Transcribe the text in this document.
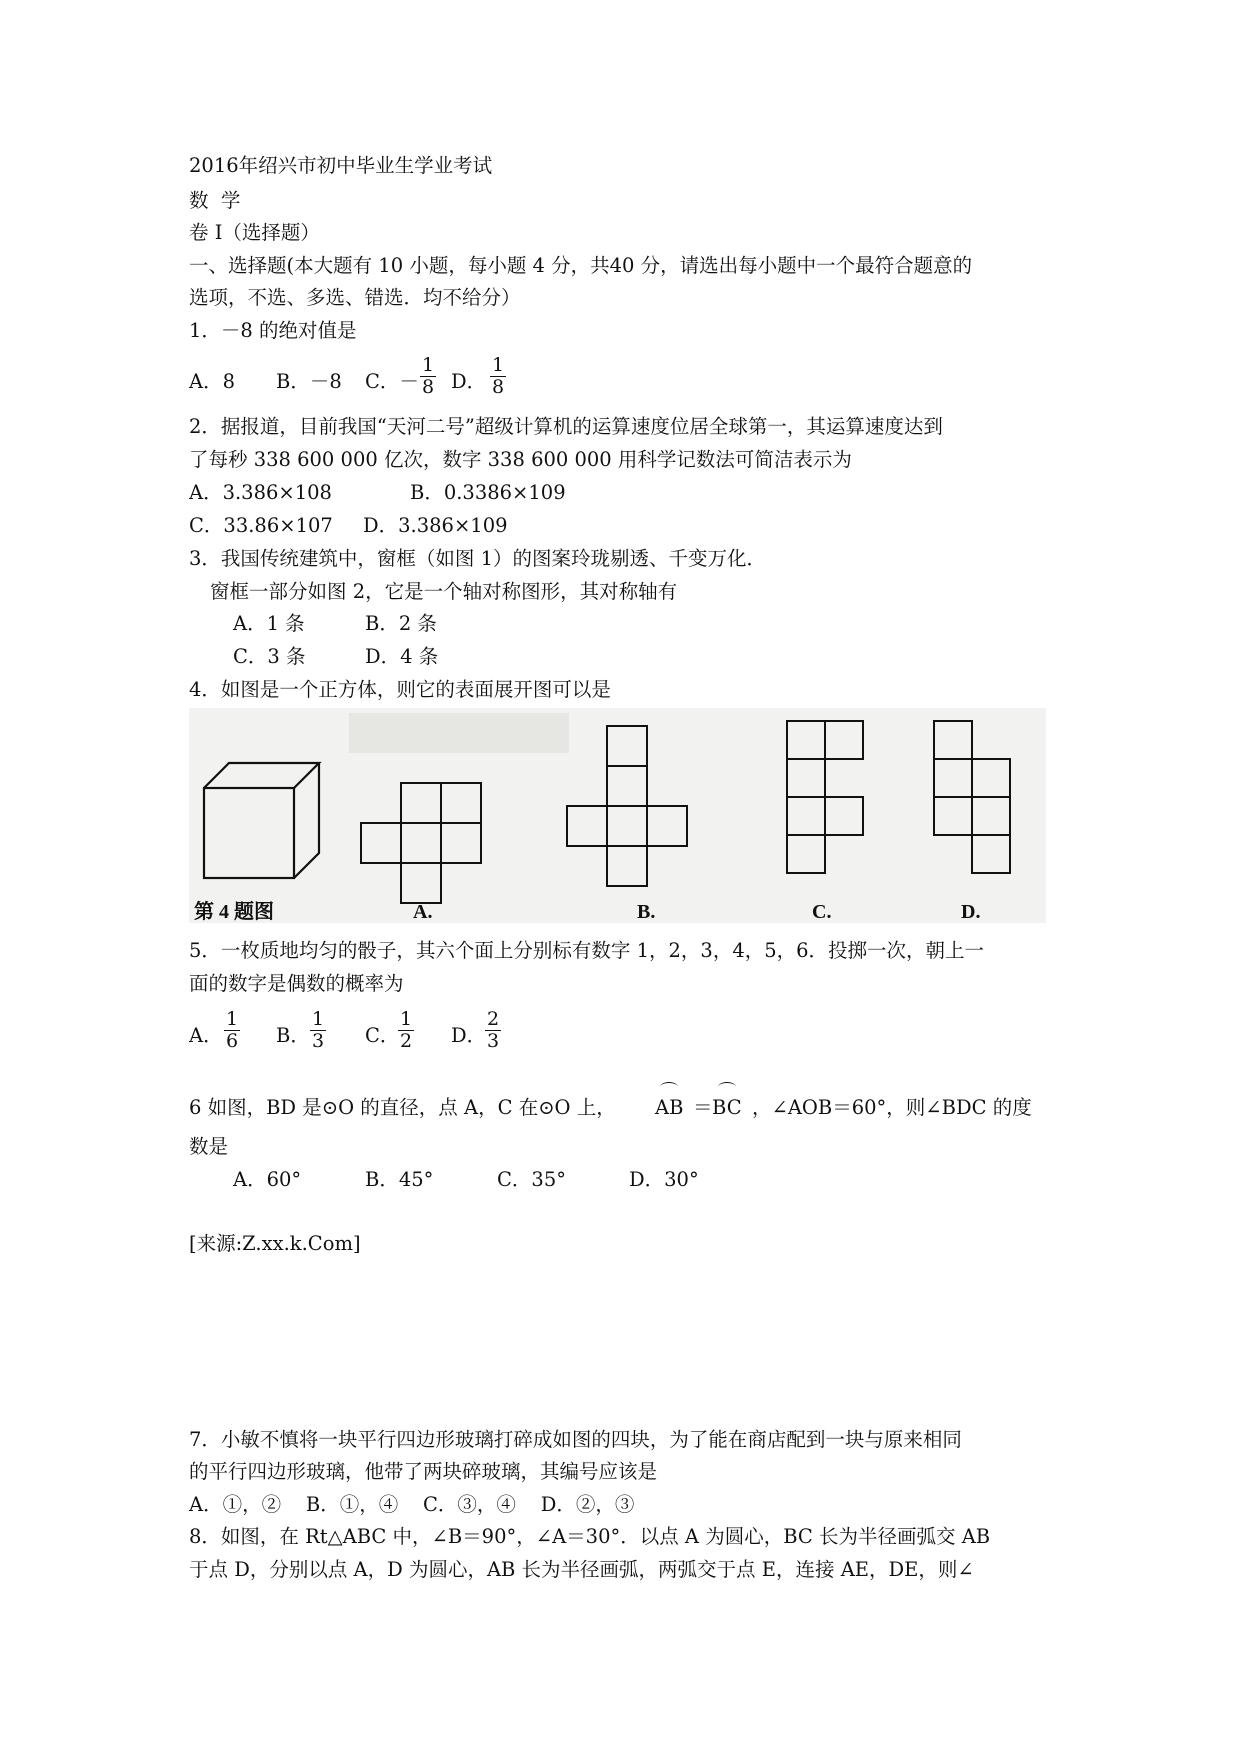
2016年绍兴市初中毕业生学业考试
数  学
卷 I（选择题）
一、选择题(本大题有 10 小题，每小题 4 分，共40 分，请选出每小题中一个最符合题意的
选项，不选、多选、错选．均不给分）
1．－8 的绝对值是
A．8 B．－8 C．－ $\frac{1}{8}$ D． $\frac{1}{8}$
2．据报道，目前我国“天河二号”超级计算机的运算速度位居全球第一，其运算速度达到
了每秒 338 600 000 亿次，数字 338 600 000 用科学记数法可简洁表示为
A．3.386×108	B．0.3386×109
C．33.86×107 D．3.386×109
3．我国传统建筑中，窗框（如图 1）的图案玲珑剔透、千变万化．
窗框一部分如图 2，它是一个轴对称图形，其对称轴有
A．1 条	B．2 条
C．3 条	D．4 条
4．如图是一个正方体，则它的表面展开图可以是
第 4 题图	A.	B.	C.	D.
5．一枚质地均匀的骰子，其六个面上分别标有数字 1，2，3，4，5，6．投掷一次，朝上一
面的数字是偶数的概率为
A． $\frac{1}{6}$ B． $\frac{1}{3}$ C．
$\frac{1}{2}$ D．
$\frac{2}{3}$
6 如图，BD 是⊙O 的直径，点 A，C 在⊙O 上， AB ＝ BC ，∠AOB＝60°，则∠BDC 的度
数是
A．60°	B．45°	C．35°	D．30°
[来源:Z.xx.k.Com]
7．小敏不慎将一块平行四边形玻璃打碎成如图的四块，为了能在商店配到一块与原来相同
的平行四边形玻璃，他带了两块碎玻璃，其编号应该是
A．①，②    B．①，④    C．③，④    D．②，③
8．如图，在 Rt△ABC 中，∠B＝90°，∠A＝30°．以点 A 为圆心，BC 长为半径画弧交 AB
于点 D，分别以点 A，D 为圆心，AB 长为半径画弧，两弧交于点 E，连接 AE，DE，则∠
